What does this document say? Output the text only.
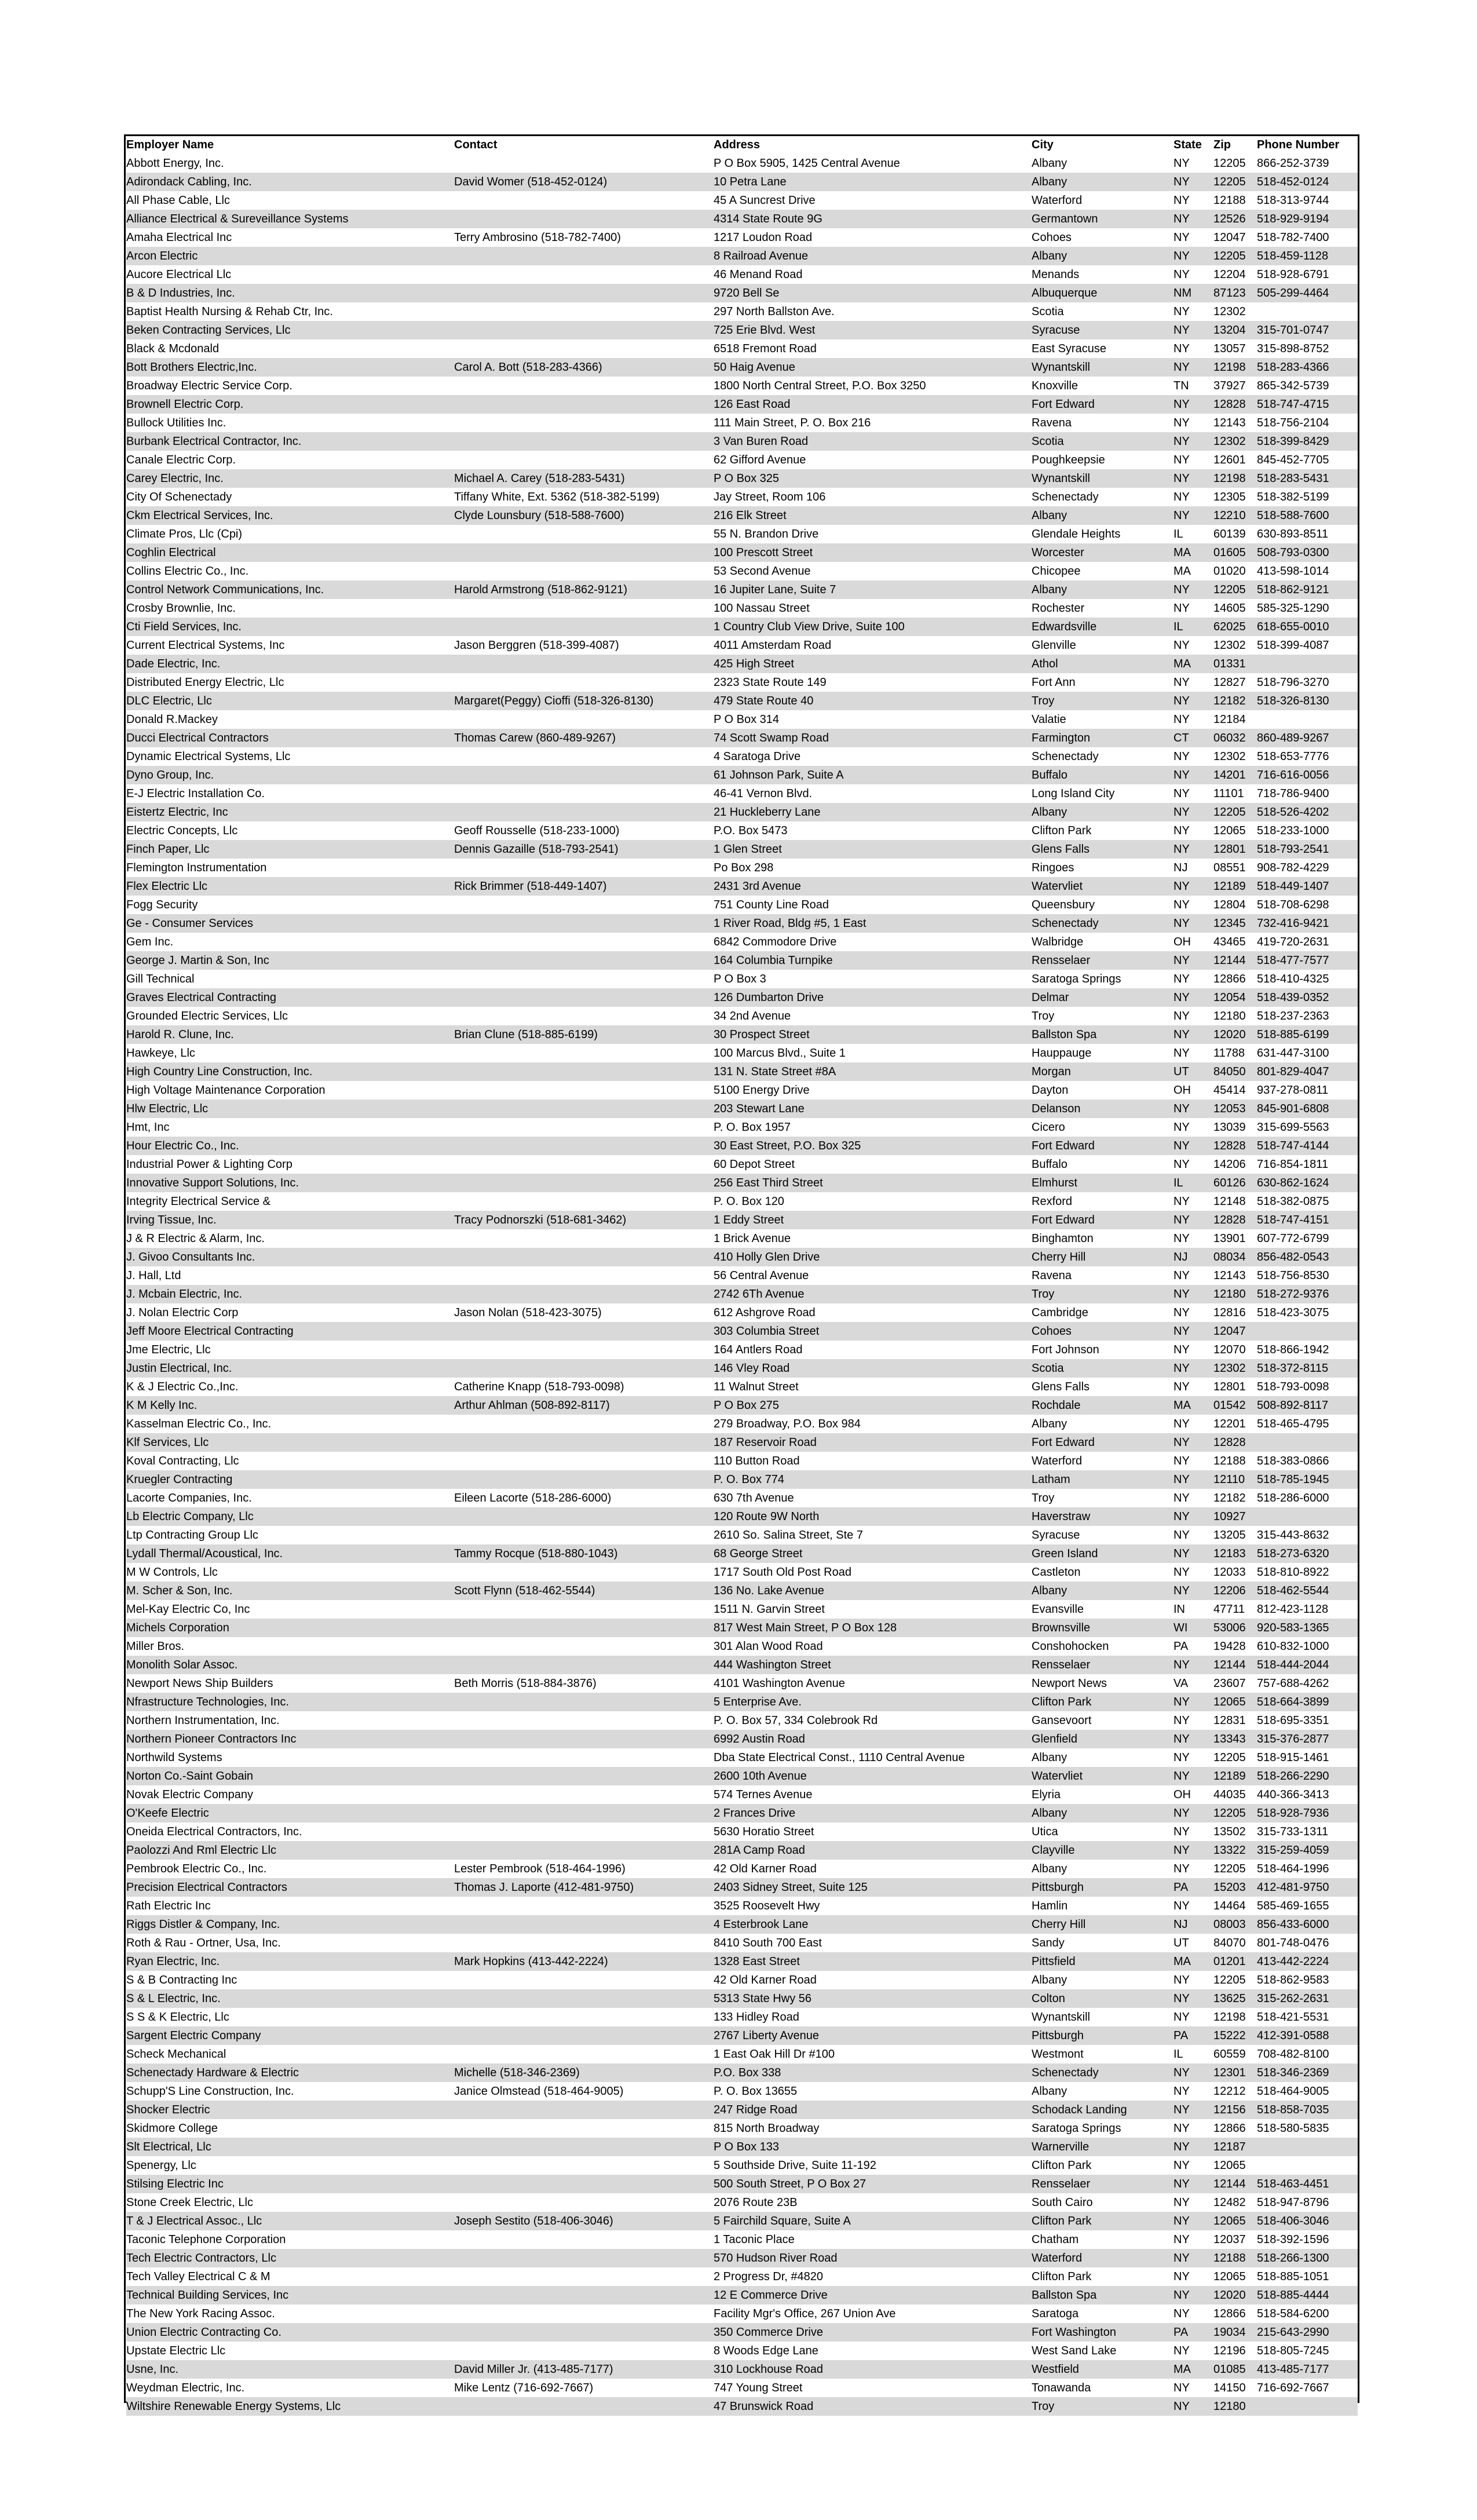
Employer Name	Contact	Address	City	State	Zip	Phone Number
Abbott Energy, Inc.		P O Box 5905, 1425 Central Avenue	Albany	NY	12205	866-252-3739
Adirondack Cabling, Inc.	David Womer (518-452-0124)	10 Petra Lane	Albany	NY	12205	518-452-0124
All Phase Cable, Llc		45 A Suncrest Drive	Waterford	NY	12188	518-313-9744
Alliance Electrical & Sureveillance Systems		4314 State Route 9G	Germantown	NY	12526	518-929-9194
Amaha Electrical Inc	Terry Ambrosino (518-782-7400)	1217 Loudon Road	Cohoes	NY	12047	518-782-7400
Arcon Electric		8 Railroad Avenue	Albany	NY	12205	518-459-1128
Aucore Electrical Llc		46 Menand Road	Menands	NY	12204	518-928-6791
B & D Industries, Inc.		9720 Bell Se	Albuquerque	NM	87123	505-299-4464
Baptist Health Nursing & Rehab Ctr, Inc.		297 North Ballston Ave.	Scotia	NY	12302	
Beken Contracting Services, Llc		725 Erie Blvd. West	Syracuse	NY	13204	315-701-0747
Black & Mcdonald		6518 Fremont Road	East Syracuse	NY	13057	315-898-8752
Bott Brothers Electric,Inc.	Carol A. Bott (518-283-4366)	50 Haig Avenue	Wynantskill	NY	12198	518-283-4366
Broadway Electric Service Corp.		1800 North Central Street, P.O. Box 3250	Knoxville	TN	37927	865-342-5739
Brownell Electric Corp.		126 East Road	Fort Edward	NY	12828	518-747-4715
Bullock Utilities Inc.		111 Main Street, P. O. Box 216	Ravena	NY	12143	518-756-2104
Burbank Electrical Contractor, Inc.		3 Van Buren Road	Scotia	NY	12302	518-399-8429
Canale Electric Corp.		62 Gifford Avenue	Poughkeepsie	NY	12601	845-452-7705
Carey Electric, Inc.	Michael A. Carey (518-283-5431)	P O Box 325	Wynantskill	NY	12198	518-283-5431
City Of Schenectady	Tiffany White, Ext. 5362 (518-382-5199)	Jay Street, Room 106	Schenectady	NY	12305	518-382-5199
Ckm Electrical Services, Inc.	Clyde Lounsbury (518-588-7600)	216 Elk Street	Albany	NY	12210	518-588-7600
Climate Pros, Llc (Cpi)		55 N. Brandon Drive	Glendale Heights	IL	60139	630-893-8511
Coghlin Electrical		100 Prescott Street	Worcester	MA	01605	508-793-0300
Collins Electric Co., Inc.		53 Second Avenue	Chicopee	MA	01020	413-598-1014
Control Network Communications, Inc.	Harold Armstrong (518-862-9121)	16 Jupiter Lane, Suite 7	Albany	NY	12205	518-862-9121
Crosby Brownlie, Inc.		100 Nassau Street	Rochester	NY	14605	585-325-1290
Cti Field Services, Inc.		1 Country Club View Drive, Suite 100	Edwardsville	IL	62025	618-655-0010
Current Electrical Systems, Inc	Jason Berggren (518-399-4087)	4011 Amsterdam Road	Glenville	NY	12302	518-399-4087
Dade Electric, Inc.		425 High Street	Athol	MA	01331	
Distributed Energy Electric, Llc		2323 State Route 149	Fort Ann	NY	12827	518-796-3270
DLC Electric, Llc	Margaret(Peggy) Cioffi (518-326-8130)	479 State Route 40	Troy	NY	12182	518-326-8130
Donald R.Mackey		P O Box 314	Valatie	NY	12184	
Ducci Electrical Contractors	Thomas Carew (860-489-9267)	74 Scott Swamp Road	Farmington	CT	06032	860-489-9267
Dynamic Electrical Systems, Llc		4 Saratoga Drive	Schenectady	NY	12302	518-653-7776
Dyno Group, Inc.		61 Johnson Park, Suite A	Buffalo	NY	14201	716-616-0056
E-J Electric Installation Co.		46-41 Vernon Blvd.	Long Island City	NY	11101	718-786-9400
Eistertz Electric, Inc		21 Huckleberry Lane	Albany	NY	12205	518-526-4202
Electric Concepts, Llc	Geoff Rousselle (518-233-1000)	P.O. Box 5473	Clifton Park	NY	12065	518-233-1000
Finch Paper, Llc	Dennis Gazaille (518-793-2541)	1 Glen Street	Glens Falls	NY	12801	518-793-2541
Flemington Instrumentation		Po Box 298	Ringoes	NJ	08551	908-782-4229
Flex Electric Llc	Rick Brimmer (518-449-1407)	2431 3rd Avenue	Watervliet	NY	12189	518-449-1407
Fogg Security		751 County Line Road	Queensbury	NY	12804	518-708-6298
Ge - Consumer Services		1 River Road, Bldg #5, 1 East	Schenectady	NY	12345	732-416-9421
Gem Inc.		6842 Commodore Drive	Walbridge	OH	43465	419-720-2631
George J. Martin & Son, Inc		164 Columbia Turnpike	Rensselaer	NY	12144	518-477-7577
Gill Technical		P O Box 3	Saratoga Springs	NY	12866	518-410-4325
Graves Electrical Contracting		126 Dumbarton Drive	Delmar	NY	12054	518-439-0352
Grounded Electric Services, Llc		34 2nd Avenue	Troy	NY	12180	518-237-2363
Harold R. Clune, Inc.	Brian Clune (518-885-6199)	30 Prospect Street	Ballston Spa	NY	12020	518-885-6199
Hawkeye, Llc		100 Marcus Blvd., Suite 1	Hauppauge	NY	11788	631-447-3100
High Country Line Construction, Inc.		131 N. State Street #8A	Morgan	UT	84050	801-829-4047
High Voltage Maintenance Corporation		5100 Energy Drive	Dayton	OH	45414	937-278-0811
Hlw Electric, Llc		203 Stewart Lane	Delanson	NY	12053	845-901-6808
Hmt, Inc		P. O. Box 1957	Cicero	NY	13039	315-699-5563
Hour Electric Co., Inc.		30 East Street, P.O. Box 325	Fort Edward	NY	12828	518-747-4144
Industrial Power & Lighting Corp		60 Depot Street	Buffalo	NY	14206	716-854-1811
Innovative Support Solutions, Inc.		256 East Third Street	Elmhurst	IL	60126	630-862-1624
Integrity Electrical Service &		P. O. Box 120	Rexford	NY	12148	518-382-0875
Irving Tissue, Inc.	Tracy Podnorszki (518-681-3462)	1 Eddy Street	Fort Edward	NY	12828	518-747-4151
J & R Electric & Alarm, Inc.		1 Brick Avenue	Binghamton	NY	13901	607-772-6799
J. Givoo Consultants Inc.		410 Holly Glen Drive	Cherry Hill	NJ	08034	856-482-0543
J. Hall, Ltd		56 Central Avenue	Ravena	NY	12143	518-756-8530
J. Mcbain Electric, Inc.		2742 6Th Avenue	Troy	NY	12180	518-272-9376
J. Nolan Electric Corp	Jason Nolan (518-423-3075)	612 Ashgrove Road	Cambridge	NY	12816	518-423-3075
Jeff Moore Electrical Contracting		303 Columbia Street	Cohoes	NY	12047	
Jme Electric, Llc		164 Antlers Road	Fort Johnson	NY	12070	518-866-1942
Justin Electrical, Inc.		146 Vley Road	Scotia	NY	12302	518-372-8115
K & J Electric Co.,Inc.	Catherine Knapp (518-793-0098)	11 Walnut Street	Glens Falls	NY	12801	518-793-0098
K M Kelly Inc.	Arthur Ahlman (508-892-8117)	P O Box 275	Rochdale	MA	01542	508-892-8117
Kasselman Electric Co., Inc.		279 Broadway, P.O. Box 984	Albany	NY	12201	518-465-4795
Klf Services, Llc		187 Reservoir Road	Fort Edward	NY	12828	
Koval Contracting, Llc		110 Button Road	Waterford	NY	12188	518-383-0866
Kruegler Contracting		P. O. Box 774	Latham	NY	12110	518-785-1945
Lacorte Companies, Inc.	Eileen Lacorte (518-286-6000)	630 7th Avenue	Troy	NY	12182	518-286-6000
Lb Electric Company, Llc		120 Route 9W North	Haverstraw	NY	10927	
Ltp Contracting Group Llc		2610 So. Salina Street, Ste 7	Syracuse	NY	13205	315-443-8632
Lydall Thermal/Acoustical, Inc.	Tammy Rocque (518-880-1043)	68 George Street	Green Island	NY	12183	518-273-6320
M W Controls, Llc		1717 South Old Post Road	Castleton	NY	12033	518-810-8922
M. Scher & Son, Inc.	Scott Flynn (518-462-5544)	136 No. Lake Avenue	Albany	NY	12206	518-462-5544
Mel-Kay Electric Co, Inc		1511 N. Garvin Street	Evansville	IN	47711	812-423-1128
Michels Corporation		817 West Main Street, P O Box 128	Brownsville	WI	53006	920-583-1365
Miller Bros.		301 Alan Wood Road	Conshohocken	PA	19428	610-832-1000
Monolith Solar Assoc.		444 Washington Street	Rensselaer	NY	12144	518-444-2044
Newport News Ship Builders	Beth Morris (518-884-3876)	4101 Washington Avenue	Newport News	VA	23607	757-688-4262
Nfrastructure Technologies, Inc.		5 Enterprise Ave.	Clifton Park	NY	12065	518-664-3899
Northern Instrumentation, Inc.		P. O. Box 57, 334 Colebrook Rd	Gansevoort	NY	12831	518-695-3351
Northern Pioneer Contractors Inc		6992 Austin Road	Glenfield	NY	13343	315-376-2877
Northwild Systems		Dba State Electrical Const., 1110 Central Avenue	Albany	NY	12205	518-915-1461
Norton Co.-Saint Gobain		2600 10th Avenue	Watervliet	NY	12189	518-266-2290
Novak Electric Company		574 Ternes Avenue	Elyria	OH	44035	440-366-3413
O'Keefe Electric		2 Frances Drive	Albany	NY	12205	518-928-7936
Oneida Electrical Contractors, Inc.		5630 Horatio Street	Utica	NY	13502	315-733-1311
Paolozzi And Rml Electric Llc		281A Camp Road	Clayville	NY	13322	315-259-4059
Pembrook Electric Co., Inc.	Lester Pembrook (518-464-1996)	42 Old Karner Road	Albany	NY	12205	518-464-1996
Precision Electrical Contractors	Thomas J. Laporte (412-481-9750)	2403 Sidney Street, Suite 125	Pittsburgh	PA	15203	412-481-9750
Rath Electric Inc		3525 Roosevelt Hwy	Hamlin	NY	14464	585-469-1655
Riggs Distler & Company, Inc.		4 Esterbrook Lane	Cherry Hill	NJ	08003	856-433-6000
Roth & Rau - Ortner, Usa, Inc.		8410 South 700 East	Sandy	UT	84070	801-748-0476
Ryan Electric, Inc.	Mark Hopkins (413-442-2224)	1328 East Street	Pittsfield	MA	01201	413-442-2224
S & B Contracting Inc		42 Old Karner Road	Albany	NY	12205	518-862-9583
S & L Electric, Inc.		5313 State Hwy 56	Colton	NY	13625	315-262-2631
S S & K Electric, Llc		133 Hidley Road	Wynantskill	NY	12198	518-421-5531
Sargent Electric Company		2767 Liberty Avenue	Pittsburgh	PA	15222	412-391-0588
Scheck Mechanical		1 East Oak Hill Dr #100	Westmont	IL	60559	708-482-8100
Schenectady Hardware & Electric	Michelle (518-346-2369)	P.O. Box 338	Schenectady	NY	12301	518-346-2369
Schupp'S Line Construction, Inc.	Janice Olmstead (518-464-9005)	P. O. Box 13655	Albany	NY	12212	518-464-9005
Shocker Electric		247 Ridge Road	Schodack Landing	NY	12156	518-858-7035
Skidmore College		815 North Broadway	Saratoga Springs	NY	12866	518-580-5835
Slt Electrical, Llc		P O Box 133	Warnerville	NY	12187	
Spenergy, Llc		5 Southside Drive, Suite 11-192	Clifton Park	NY	12065	
Stilsing Electric Inc		500 South Street, P O Box 27	Rensselaer	NY	12144	518-463-4451
Stone Creek Electric, Llc		2076 Route 23B	South Cairo	NY	12482	518-947-8796
T & J Electrical Assoc., Llc	Joseph Sestito (518-406-3046)	5 Fairchild Square, Suite A	Clifton Park	NY	12065	518-406-3046
Taconic Telephone Corporation		1 Taconic Place	Chatham	NY	12037	518-392-1596
Tech Electric Contractors, Llc		570 Hudson River Road	Waterford	NY	12188	518-266-1300
Tech Valley Electrical C & M		2 Progress Dr, #4820	Clifton Park	NY	12065	518-885-1051
Technical Building Services, Inc		12 E Commerce Drive	Ballston Spa	NY	12020	518-885-4444
The New York Racing Assoc.		Facility Mgr's Office, 267 Union Ave	Saratoga	NY	12866	518-584-6200
Union Electric Contracting Co.		350 Commerce Drive	Fort Washington	PA	19034	215-643-2990
Upstate Electric Llc		8 Woods Edge Lane	West Sand Lake	NY	12196	518-805-7245
Usne, Inc.	David Miller Jr. (413-485-7177)	310 Lockhouse Road	Westfield	MA	01085	413-485-7177
Weydman Electric, Inc.	Mike Lentz (716-692-7667)	747 Young Street	Tonawanda	NY	14150	716-692-7667
Wiltshire Renewable Energy Systems, Llc		47 Brunswick Road	Troy	NY	12180	
